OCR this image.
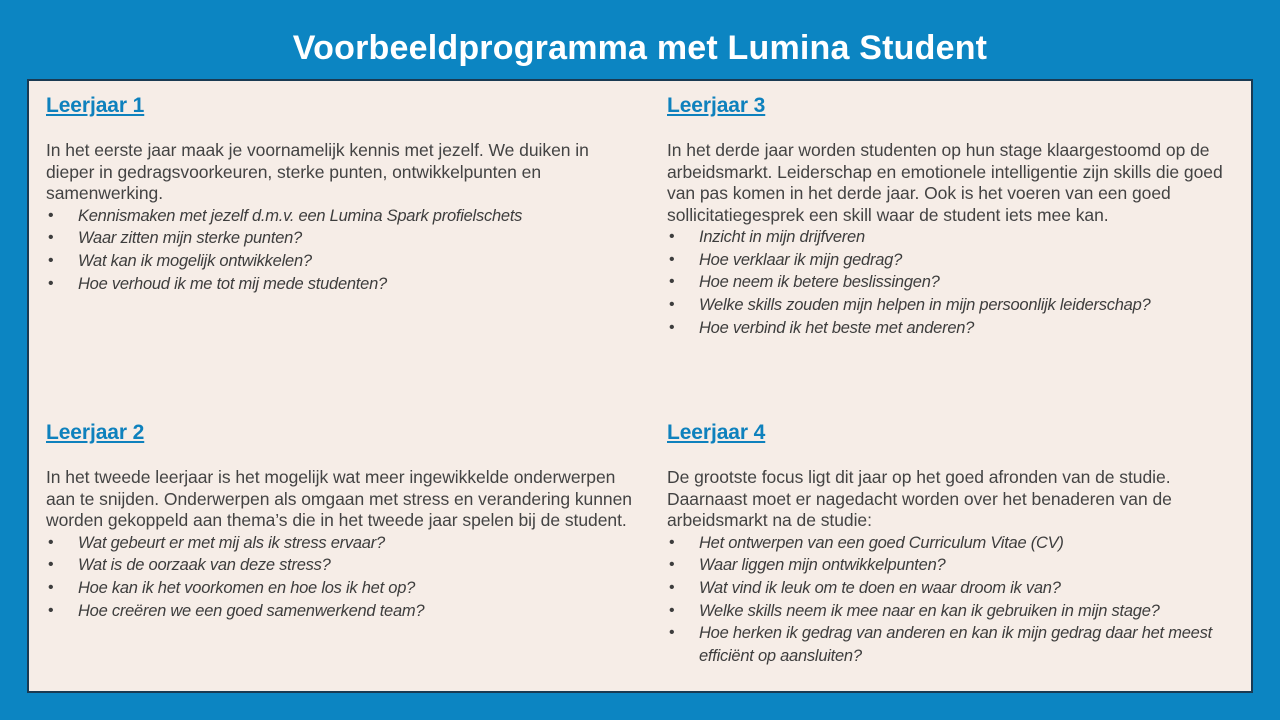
Voorbeeldprogramma met Lumina Student
Leerjaar 1

In het eerste jaar maak je voornamelijk kennis met jezelf. We duiken in dieper in gedragsvoorkeuren, sterke punten, ontwikkelpunten en samenwerking.

• Kennismaken met jezelf d.m.v. een Lumina Spark profielschets
• Waar zitten mijn sterke punten?
• Wat kan ik mogelijk ontwikkelen?
• Hoe verhoud ik me tot mij mede studenten?
Leerjaar 2

In het tweede leerjaar is het mogelijk wat meer ingewikkelde onderwerpen aan te snijden. Onderwerpen als omgaan met stress en verandering kunnen worden gekoppeld aan thema’s die in het tweede jaar spelen bij de student.

• Wat gebeurt er met mij als ik stress ervaar?
• Wat is de oorzaak van deze stress?
• Hoe kan ik het voorkomen en hoe los ik het op?
• Hoe creëren we een goed samenwerkend team?
Leerjaar 3

In het derde jaar worden studenten op hun stage klaargestoomd op de arbeidsmarkt. Leiderschap en emotionele intelligentie zijn skills die goed van pas komen in het derde jaar. Ook is het voeren van een goed sollicitatiegesprek een skill waar de student iets mee kan.

• Inzicht in mijn drijfveren
• Hoe verklaar ik mijn gedrag?
• Hoe neem ik betere beslissingen?
• Welke skills zouden mijn helpen in mijn persoonlijk leiderschap?
• Hoe verbind ik het beste met anderen?
Leerjaar 4

De grootste focus ligt dit jaar op het goed afronden van de studie. Daarnaast moet er nagedacht worden over het benaderen van de arbeidsmarkt na de studie:

• Het ontwerpen van een goed Curriculum Vitae (CV)
• Waar liggen mijn ontwikkelpunten?
• Wat vind ik leuk om te doen en waar droom ik van?
• Welke skills neem ik mee naar en kan ik gebruiken in mijn stage?
• Hoe herken ik gedrag van anderen en kan ik mijn gedrag daar het meest efficiënt op aansluiten?
